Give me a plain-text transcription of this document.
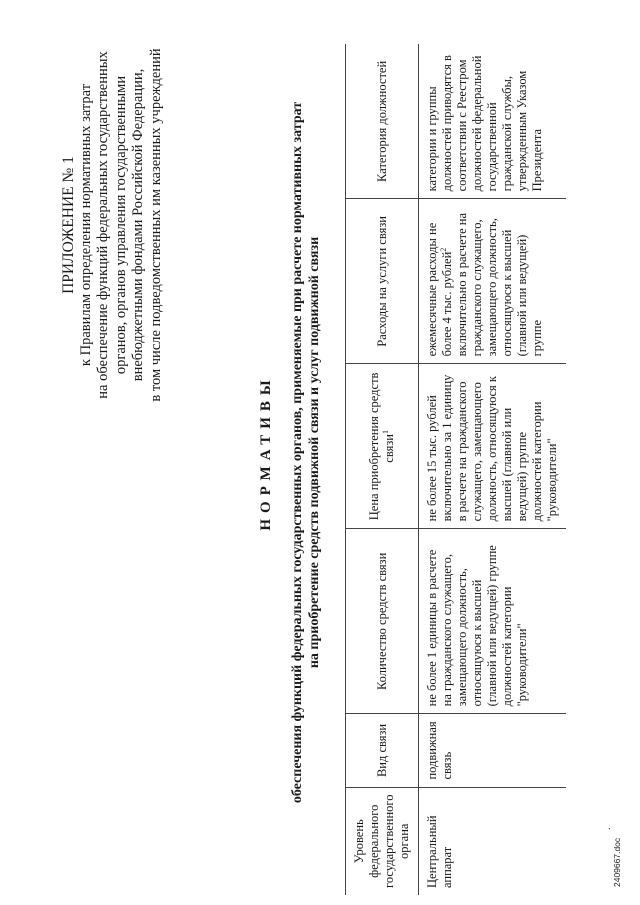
ПРИЛОЖЕНИЕ № 1 к Правилам определения нормативных затрат на обеспечение функций федеральных государственных органов, органов управления государственными внебюджетными фондами Российской Федерации, в том числе подведомственных им казенных учреждений
НОРМАТИВЫ обеспечения функций федеральных государственных органов, применяемые при расчете нормативных затрат на приобретение средств подвижной связи и услуг подвижной связи
Уровень федерального государственного органа	Вид связи	Количество средств связи	Цена приобретения средств связи$^1$	Расходы на услуги связи	Категория должностей
Центральный аппарат	подвижная связь	не более 1 единицы в расчете на гражданского служащего, замещающего должность, относящуюся к высшей (главной или ведущей) группе должностей категории "руководители"	не более 15 тыс. рублей включительно за 1 единицу в расчете на гражданского служащего, замещающего должность, относящуюся к высшей (главной или ведущей) группе должностей категории "руководители"	ежемесячные расходы не более 4 тыс. рублей$^2$ включительно в расчете на гражданского служащего, замещающего должность, относящуюся к высшей (главной или ведущей) группе	категории и группы должностей приводятся в соответствии с Реестром должностей федеральной государственной гражданской службы, утвержденным Указом Президента
2409667.doc
.
